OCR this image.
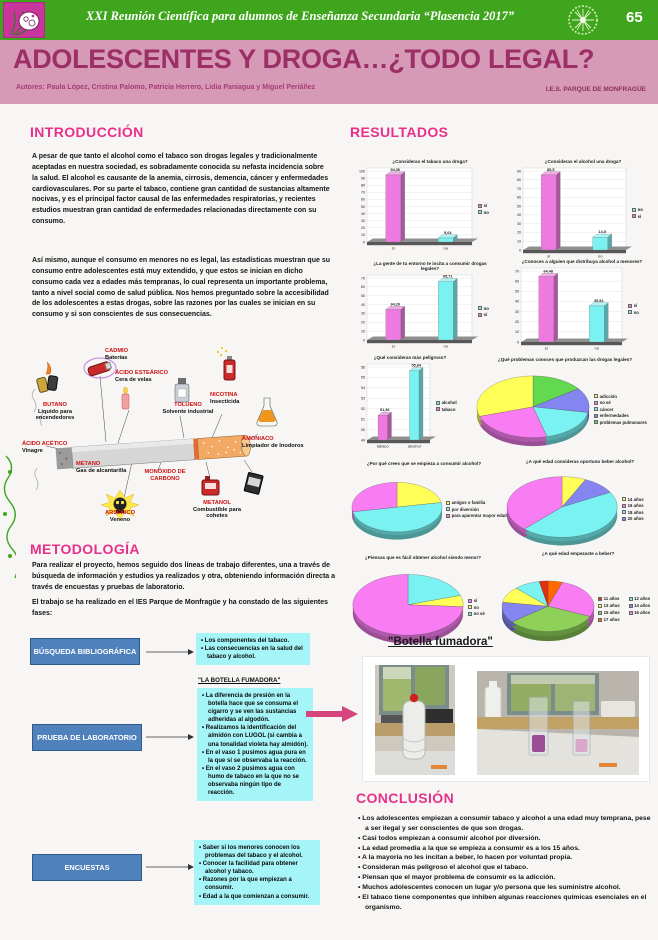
XXI Reunión Científica para alumnos de Enseñanza Secundaria “Plasencia 2017”	65
ADOLESCENTES Y DROGA…¿TODO LEGAL?
Autores: Paula López, Cristina Palomo, Patricia Herrero, Lidia Paniagua y Miguel Periáñez	I.E.S. PARQUE DE MONFRAGÜE
INTRODUCCIÓN
A pesar de que tanto el alcohol como el tabaco son drogas legales y tradicionalmente aceptadas en nuestra sociedad, es sobradamente conocida su nefasta incidencia sobre la salud. El alcohol es causante de la anemia, cirrosis, demencia, cáncer y enfermedades cardiovasculares. Por su parte el tabaco, contiene gran cantidad de sustancias altamente nocivas, y es el principal factor causal de las enfermedades respiratorias, y recientes estudios muestran gran cantidad de enfermedades relacionadas directamente con su consumo.
Así mismo, aunque el consumo en menores no es legal, las estadísticas muestran que su consumo entre adolescentes está muy extendido, y que estos se inician en dicho consumo cada vez a edades más tempranas, lo cual representa un importante problema, tanto a nivel social como de salud pública. Nos hemos preguntado sobre la accesibilidad de los adolescentes a estas drogas, sobre las razones por las cuales se inician en su consumo y si son conscientes de sus consecuencias.
BUTANO
Líquido para encendedores
CADMIO
Baterías
ÁCIDO ESTEÁRICO
Cera de velas
TOLUENO
Solvente industrial
NICOTINA
Insecticida
AMONIACO
Limpiador de Inodoros
ÁCIDO ACÉTICO
Vinagre
METANO
Gas de alcantarilla	MONÓXIDO DE CARBONO
ARSÉNICO
Veneno
METANOL
Combustible para cohetes
METODOLOGÍA
Para realizar el proyecto, hemos seguido dos líneas de trabajo diferentes, una a través de búsqueda de información y estudios ya realizados y otra, obteniendo información directa a través de encuestas y pruebas de laboratorio.
El trabajo se ha realizado en el IES Parque de Monfragüe y ha constado de las siguientes fases:
BÚSQUEDA BIBLIOGRÁFICA
• Los componentes del tabaco.
• Las consecuencias en la salud del tabaco y alcohol.
"LA BOTELLA FUMADORA"
PRUEBA DE LABORATORIO
• La diferencia de presión en la botella hace que se consuma el cigarro y se ven las sustancias adheridas al algodón.
• Realizamos la identificación del almidón con LUGOL (si cambia a una tonalidad violeta hay almidón).
• En el vaso 1 pusimos agua pura en la que sí se observaba la reacción.
• En el vaso 2 pusimos agua con humo de tabaco en la que no se observaba ningún tipo de reacción.
ENCUESTAS
• Saber si los menores conocen los problemas del tabaco y el alcohol.
• Conocer la facilidad para obtener alcohol y tabaco.
• Razones por la que empiezan a consumir.
• Edad a la que comienzan a consumir.
RESULTADOS
¿Consideras el tabaco una droga?
0
10
20
30
40
50
60
70
80
90
100	94,36
sí
5,64
no
sí
no
¿Consideras el alcohol una droga?
0
10
20
30
40
50
60
70
80
90	85,5
sí
14,5
no
no
sí
¿La gente de tu entorno te incita a consumir drogas legales?
0
10
20
30
40
50
60
70
34,29
sí
65,71
no
no
sí
¿Conoces a alguien que distribuya alcohol a menores?
0
10
20
30
40
50
60
70	64,48
sí
35,52
no
sí
no
¿Qué consideras más peligroso?
49
50
51
52
53
54
55
56
51,36
tabaco
55,64
alcohol
alcohol
tabaco
¿Qué problemas conoces que produzcan las drogas legales?
adicción
no sé
cáncer
enfermedades
problemas pulmonares
¿Por qué crees que se empieza a consumir alcohol?
amigos o familia
por diversión
para aparentar mayor edad
¿A qué edad consideras oportuno beber alcohol?
14 años
16 años
18 años
20 años
¿Piensas que es fácil obtener alcohol siendo menor?
sí
no
no sé
¿A qué edad empezaste a beber?
11 años	12 años
13 años	14 años
15 años	16 años
17 años
"Botella fumadora"
CONCLUSIÓN
• Los adolescentes empiezan a consumir tabaco y alcohol a una edad muy temprana, pese a ser ilegal y ser conscientes de que son drogas.
• Casi todos empiezan a consumir alcohol por diversión.
• La edad promedia a la que se empieza a consumir es a los 15 años.
• A la mayoría no les incitan a beber, lo hacen por voluntad propia.
• Consideran más peligroso el alcohol que el tabaco.
• Piensan que el mayor problema de consumir es la adicción.
• Muchos adolescentes conocen un lugar y/o persona que les suministre alcohol.
• El tabaco tiene componentes que inhiben algunas reacciones químicas esenciales en el organismo.
